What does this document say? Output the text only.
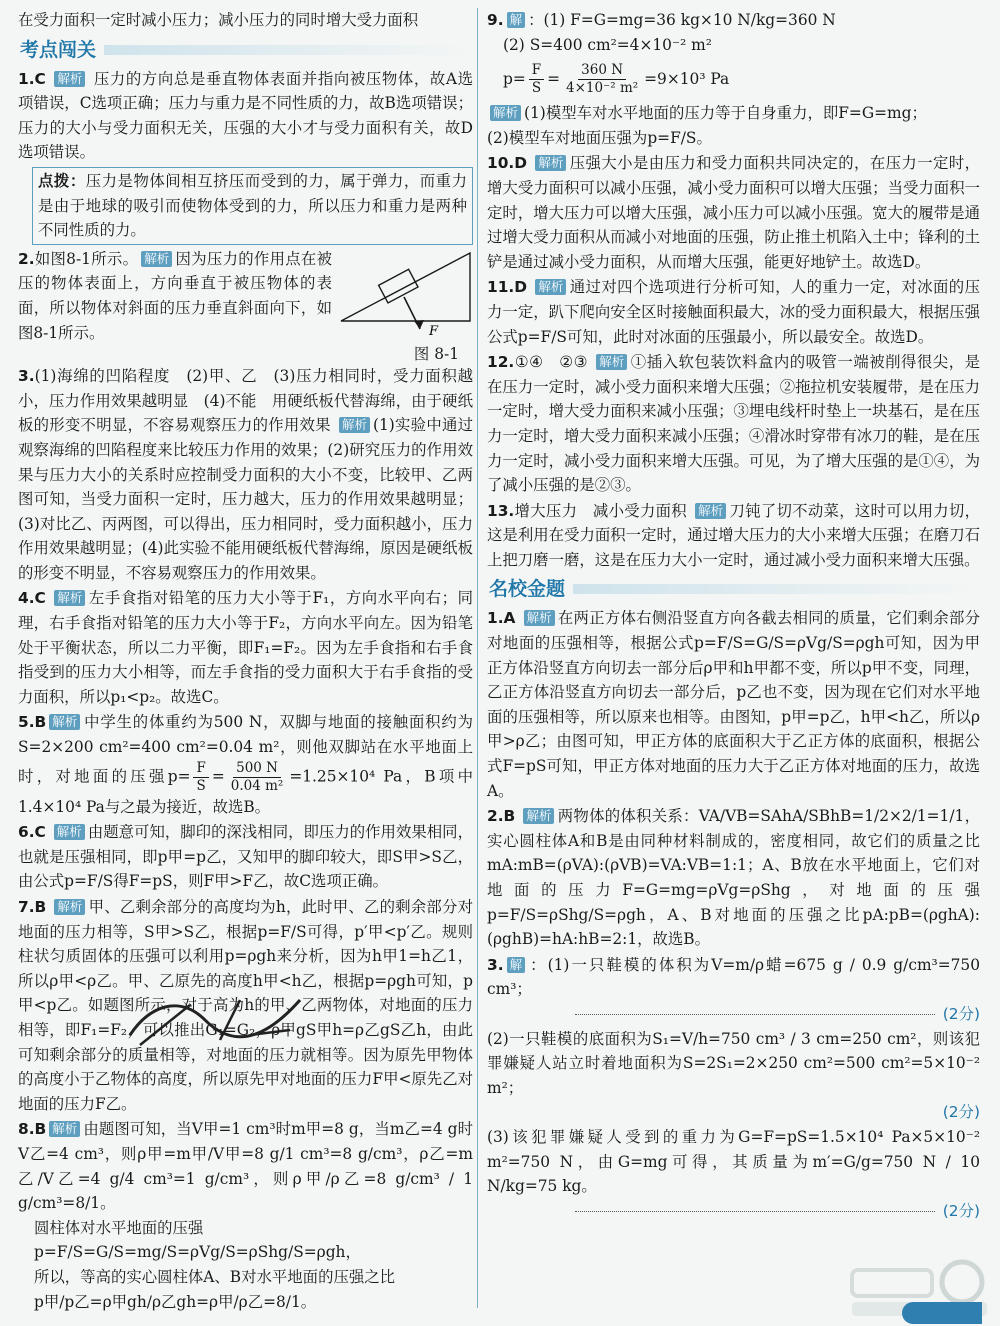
在受力面积一定时减小压力；减小压力的同时增大受力面积

考点闯关

1.C 解析 压力的方向总是垂直物体表面并指向被压物体，故A选项错误，C选项正确；压力与重力是不同性质的力，故B选项错误；压力的大小与受力面积无关，压强的大小才与受力面积有关，故D选项错误。

点拨：压力是物体间相互挤压而受到的力，属于弹力，而重力是由于地球的吸引而使物体受到的力，所以压力和重力是两种不同性质的力。

F

2.如图8-1所示。 解析 因为压力的作用点在被压的物体表面上，方向垂直于被压物体的表面，所以物体对斜面的压力垂直斜面向下，如图8-1所示。

图 8-1

3.(1)海绵的凹陷程度　(2)甲、乙　(3)压力相同时，受力面积越小，压力作用效果越明显　(4)不能　用硬纸板代替海绵，由于硬纸板的形变不明显，不容易观察压力的作用效果 解析 (1)实验中通过观察海绵的凹陷程度来比较压力作用的效果；(2)研究压力的作用效果与压力大小的关系时应控制受力面积的大小不变，比较甲、乙两图可知，当受力面积一定时，压力越大，压力的作用效果越明显；(3)对比乙、丙两图，可以得出，压力相同时，受力面积越小，压力作用效果越明显；(4)此实验不能用硬纸板代替海绵，原因是硬纸板的形变不明显，不容易观察压力的作用效果。

4.C 解析 左手食指对铅笔的压力大小等于F₁，方向水平向右；同理，右手食指对铅笔的压力大小等于F₂，方向水平向左。因为铅笔处于平衡状态，所以二力平衡，即F₁=F₂。因为左手食指和右手食指受到的压力大小相等，而左手食指的受力面积大于右手食指的受力面积，所以p₁<p₂。故选C。

5.B 解析 中学生的体重约为500 N，双脚与地面的接触面积约为S=2×200 cm²=400 cm²=0.04 m²，则他双脚站在水平地面上时，对地面的压强$p= \frac{F}{S} = \frac{500 N}{\text{0.04 m²}} =1.25\times 10^4$ Pa，B项中1.4×10⁴ Pa与之最为接近，故选B。

6.C 解析 由题意可知，脚印的深浅相同，即压力的作用效果相同，也就是压强相同，即p甲=p乙，又知甲的脚印较大，即S甲>S乙，由公式p=F/S得F=pS，则F甲>F乙，故C选项正确。

7.B 解析 甲、乙剩余部分的高度均为h，此时甲、乙的剩余部分对地面的压力相等，S甲>S乙，根据p=F/S可得，p′甲<p′乙。规则柱状匀质固体的压强可以利用p=ρgh来分析，因为h甲1=h乙1，所以ρ甲<ρ乙。甲、乙原先的高度h甲<h乙，根据p=ρgh可知，p甲<p乙。如题图所示，对于高为h的甲、乙两物体，对地面的压力相等，即F₁=F₂，可以推出G₁=G₂，ρ甲gS甲h=ρ乙gS乙h，由此可知剩余部分的质量相等，对地面的压力就相等。因为原先甲物体的高度小于乙物体的高度，所以原先甲对地面的压力F甲<原先乙对地面的压力F乙。

8.B 解析 由题图可知，当V甲=1 cm³时m甲=8 g，当m乙=4 g时V乙=4 cm³，则ρ甲=m甲/V甲=8 g/1 cm³=8 g/cm³，ρ乙=m乙/V乙=4 g/4 cm³=1 g/cm³，则ρ甲/ρ乙=8 g/cm³ / 1 g/cm³=8/1。

圆柱体对水平地面的压强

p=F/S=G/S=mg/S=ρVg/S=ρShg/S=ρgh，

所以，等高的实心圆柱体A、B对水平地面的压强之比

p甲/p乙=ρ甲gh/ρ乙gh=ρ甲/ρ乙=8/1。

9. 解 ：(1) F=G=mg=36 kg×10 N/kg=360 N

(2) S=400 cm²=4×10⁻² m²

$p= \frac{F}{S} = \frac{360 N}{\text{4×10⁻² m²}} =9\times 10^3$ Pa

解析 (1)模型车对水平地面的压力等于自身重力，即F=G=mg；

(2)模型车对地面压强为p=F/S。

10.D 解析 压强大小是由压力和受力面积共同决定的，在压力一定时，增大受力面积可以减小压强，减小受力面积可以增大压强；当受力面积一定时，增大压力可以增大压强，减小压力可以减小压强。宽大的履带是通过增大受力面积从而减小对地面的压强，防止推土机陷入土中；锋利的土铲是通过减小受力面积，从而增大压强，能更好地铲土。故选D。

11.D 解析 通过对四个选项进行分析可知，人的重力一定，对冰面的压力一定，趴下爬向安全区时接触面积最大，冰的受力面积最大，根据压强公式p=F/S可知，此时对冰面的压强最小，所以最安全。故选D。

12.①④　②③ 解析 ①插入软包装饮料盒内的吸管一端被削得很尖，是在压力一定时，减小受力面积来增大压强；②拖拉机安装履带，是在压力一定时，增大受力面积来减小压强；③埋电线杆时垫上一块基石，是在压力一定时，增大受力面积来减小压强；④滑冰时穿带有冰刀的鞋，是在压力一定时，减小受力面积来增大压强。可见，为了增大压强的是①④，为了减小压强的是②③。

13.增大压力　减小受力面积 解析 刀钝了切不动菜，这时可以用力切，这是利用在受力面积一定时，通过增大压力的大小来增大压强；在磨刀石上把刀磨一磨，这是在压力大小一定时，通过减小受力面积来增大压强。

名校金题

1.A 解析 在两正方体右侧沿竖直方向各截去相同的质量，它们剩余部分对地面的压强相等，根据公式p=F/S=G/S=ρVg/S=ρgh可知，因为甲正方体沿竖直方向切去一部分后ρ甲和h甲都不变，所以p甲不变，同理，乙正方体沿竖直方向切去一部分后，p乙也不变，因为现在它们对水平地面的压强相等，所以原来也相等。由图知，p甲=p乙，h甲<h乙，所以ρ甲>ρ乙；由图可知，甲正方体的底面积大于乙正方体的底面积，根据公式F=pS可知，甲正方体对地面的压力大于乙正方体对地面的压力，故选A。

2.B 解析 两物体的体积关系：VA/VB=SAhA/SBhB=1/2×2/1=1/1，实心圆柱体A和B是由同种材料制成的，密度相同，故它们的质量之比mA:mB=(ρVA):(ρVB)=VA:VB=1:1；A、B放在水平地面上，它们对地面的压力F=G=mg=ρVg=ρShg，对地面的压强p=F/S=ρShg/S=ρgh，A、B对地面的压强之比pA:pB=(ρghA):(ρghB)=hA:hB=2:1，故选B。

3. 解 ：(1)一只鞋模的体积为V=m/ρ蜡=675 g / 0.9 g/cm³=750 cm³；

(2分)

(2)一只鞋模的底面积为S₁=V/h=750 cm³ / 3 cm=250 cm²，则该犯罪嫌疑人站立时着地面积为S=2S₁=2×250 cm²=500 cm²=5×10⁻² m²；

(2分)

(3)该犯罪嫌疑人受到的重力为G=F=pS=1.5×10⁴ Pa×5×10⁻² m²=750 N，由G=mg可得，其质量为m′=G/g=750 N / 10 N/kg=75 kg。

(2分)
